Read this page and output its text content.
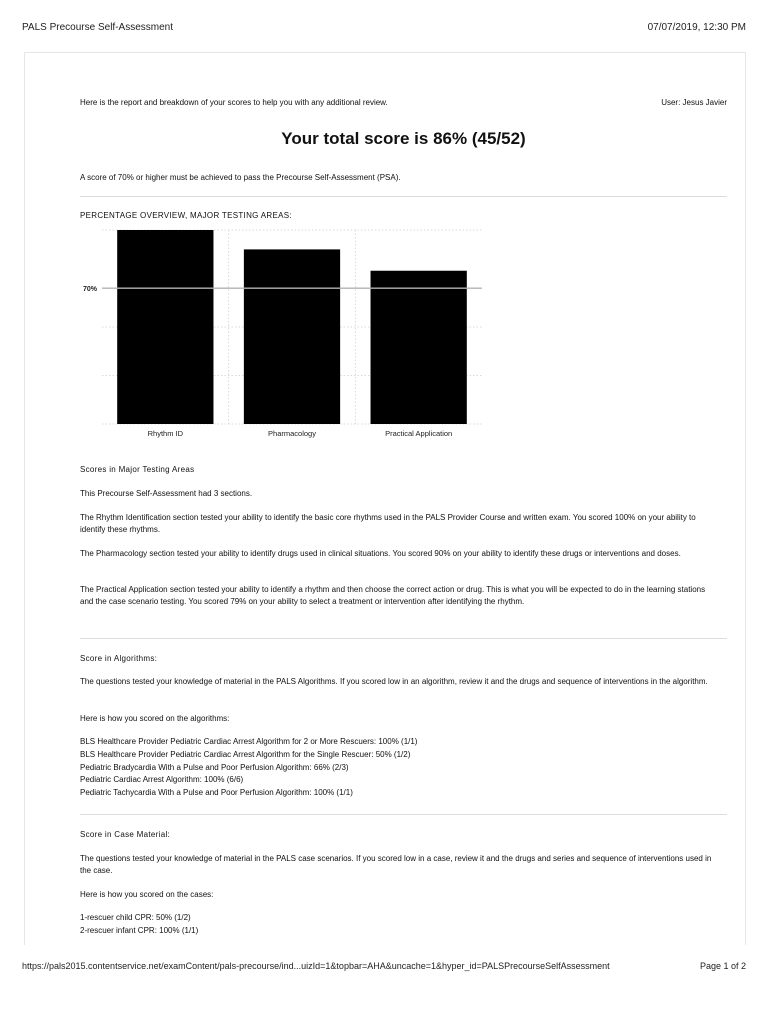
PALS Precourse Self-Assessment	07/07/2019, 12:30 PM
Here is the report and breakdown of your scores to help you with any additional review.	User: Jesus Javier
Your total score is 86% (45/52)
A score of 70% or higher must be achieved to pass the Precourse Self-Assessment (PSA).
PERCENTAGE OVERVIEW, MAJOR TESTING AREAS:
70%
Rhythm ID	Pharmacology	Practical Application
Scores in Major Testing Areas
This Precourse Self-Assessment had 3 sections.
The Rhythm Identification section tested your ability to identify the basic core rhythms used in the PALS Provider Course and written exam. You scored 100% on your ability to identify these rhythms.
The Pharmacology section tested your ability to identify drugs used in clinical situations. You scored 90% on your ability to identify these drugs or interventions and doses.
The Practical Application section tested your ability to identify a rhythm and then choose the correct action or drug. This is what you will be expected to do in the learning stations and the case scenario testing. You scored 79% on your ability to select a treatment or intervention after identifying the rhythm.
Score in Algorithms:
The questions tested your knowledge of material in the PALS Algorithms. If you scored low in an algorithm, review it and the drugs and sequence of interventions in the algorithm.
Here is how you scored on the algorithms:
BLS Healthcare Provider Pediatric Cardiac Arrest Algorithm for 2 or More Rescuers: 100% (1/1)
BLS Healthcare Provider Pediatric Cardiac Arrest Algorithm for the Single Rescuer: 50% (1/2)
Pediatric Bradycardia With a Pulse and Poor Perfusion Algorithm: 66% (2/3)
Pediatric Cardiac Arrest Algorithm: 100% (6/6)
Pediatric Tachycardia With a Pulse and Poor Perfusion Algorithm: 100% (1/1)
Score in Case Material:
The questions tested your knowledge of material in the PALS case scenarios. If you scored low in a case, review it and the drugs and series and sequence of interventions used in the case.
Here is how you scored on the cases:
1-rescuer child CPR: 50% (1/2)
2-rescuer infant CPR: 100% (1/1)
https://pals2015.contentservice.net/examContent/pals-precourse/ind...uizId=1&topbar=AHA&uncache=1&hyper_id=PALSPrecourseSelfAssessment	Page 1 of 2
